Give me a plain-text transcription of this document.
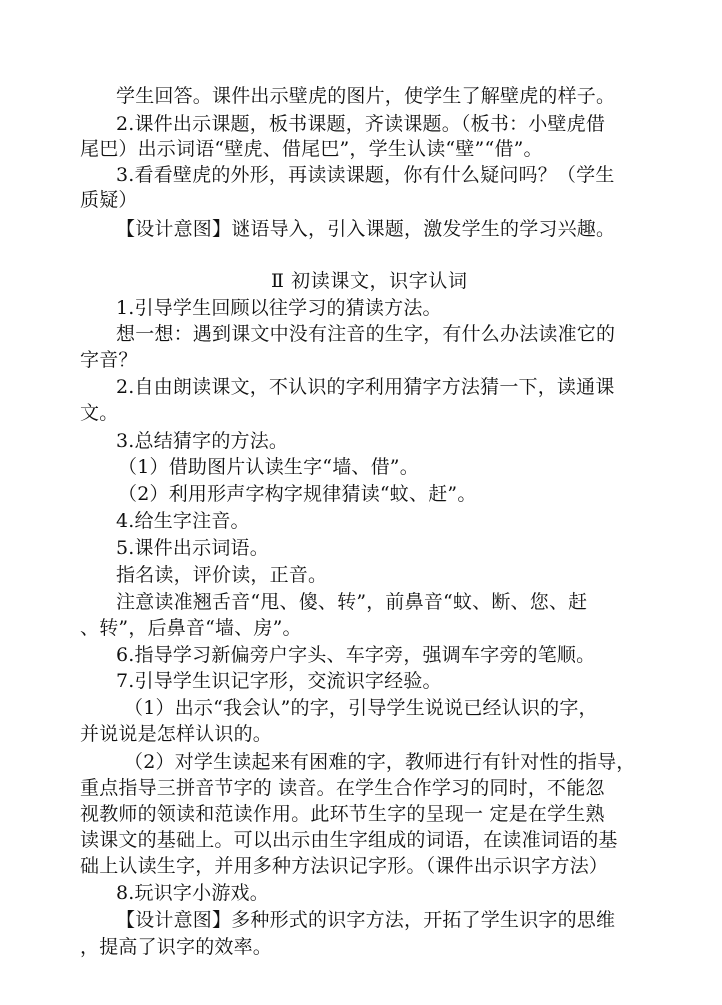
学生回答。课件出示壁虎的图片，使学生了解壁虎的样子。
2.课件出示课题，板书课题，齐读课题。（板书：小壁虎借
尾巴）出示词语“壁虎、借尾巴”，学生认读“壁”“借”。
3.看看壁虎的外形，再读读课题，你有什么疑问吗？（学生
质疑）
【设计意图】谜语导入，引入课题，激发学生的学习兴趣。
Ⅱ 初读课文，识字认词
1.引导学生回顾以往学习的猜读方法。
想一想：遇到课文中没有注音的生字，有什么办法读准它的
字音？
2.自由朗读课文，不认识的字利用猜字方法猜一下，读通课
文。
3.总结猜字的方法。
（1）借助图片认读生字“墙、借”。
（2）利用形声字构字规律猜读“蚊、赶”。
4.给生字注音。
5.课件出示词语。
指名读，评价读，正音。
注意读准翘舌音“甩、傻、转”，前鼻音“蚊、断、您、赶
、转”，后鼻音“墙、房”。
6.指导学习新偏旁户字头、车字旁，强调车字旁的笔顺。
7.引导学生识记字形，交流识字经验。
（1）出示“我会认”的字，引导学生说说已经认识的字，
并说说是怎样认识的。
（2）对学生读起来有困难的字，教师进行有针对性的指导，
重点指导三拼音节字的 读音。在学生合作学习的同时，不能忽
视教师的领读和范读作用。此环节生字的呈现一 定是在学生熟
读课文的基础上。可以出示由生字组成的词语，在读准词语的基
础上认读生字，并用多种方法识记字形。（课件出示识字方法）
8.玩识字小游戏。
【设计意图】多种形式的识字方法，开拓了学生识字的思维
，提高了识字的效率。
